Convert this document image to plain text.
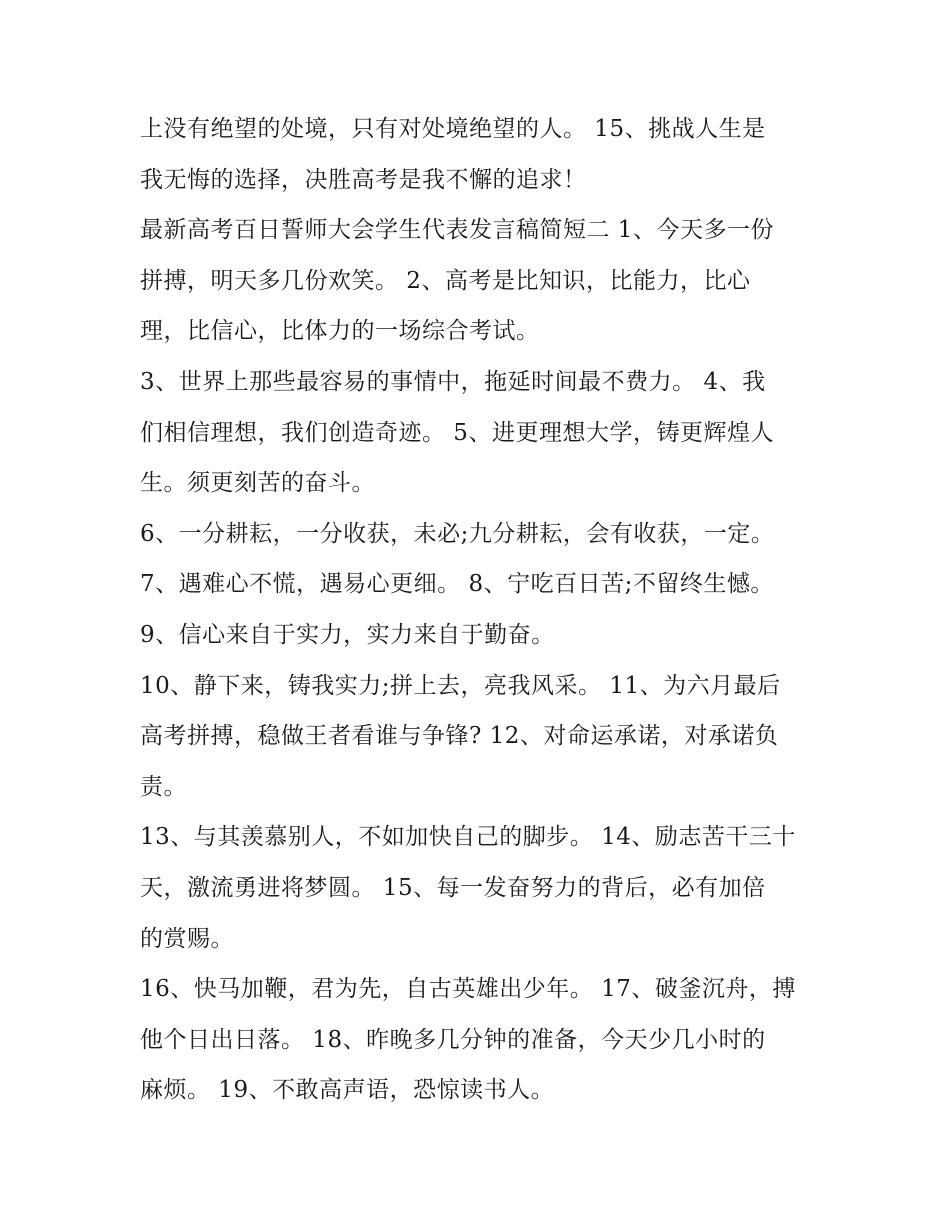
上没有绝望的处境，只有对处境绝望的人。 15、挑战人生是
我无悔的选择，决胜高考是我不懈的追求！
最新高考百日誓师大会学生代表发言稿简短二 1、今天多一份
拼搏，明天多几份欢笑。 2、高考是比知识，比能力，比心
理，比信心，比体力的一场综合考试。
3、世界上那些最容易的事情中，拖延时间最不费力。 4、我
们相信理想，我们创造奇迹。 5、进更理想大学，铸更辉煌人
生。须更刻苦的奋斗。
6、一分耕耘，一分收获，未必;九分耕耘，会有收获，一定。
7、遇难心不慌，遇易心更细。 8、宁吃百日苦;不留终生憾。
9、信心来自于实力，实力来自于勤奋。
10、静下来，铸我实力;拼上去，亮我风采。 11、为六月最后
高考拼搏，稳做王者看谁与争锋? 12、对命运承诺，对承诺负
责。
13、与其羡慕别人，不如加快自己的脚步。 14、励志苦干三十
天，激流勇进将梦圆。 15、每一发奋努力的背后，必有加倍
的赏赐。
16、快马加鞭，君为先，自古英雄出少年。 17、破釜沉舟，搏
他个日出日落。 18、昨晚多几分钟的准备，今天少几小时的
麻烦。 19、不敢高声语，恐惊读书人。
